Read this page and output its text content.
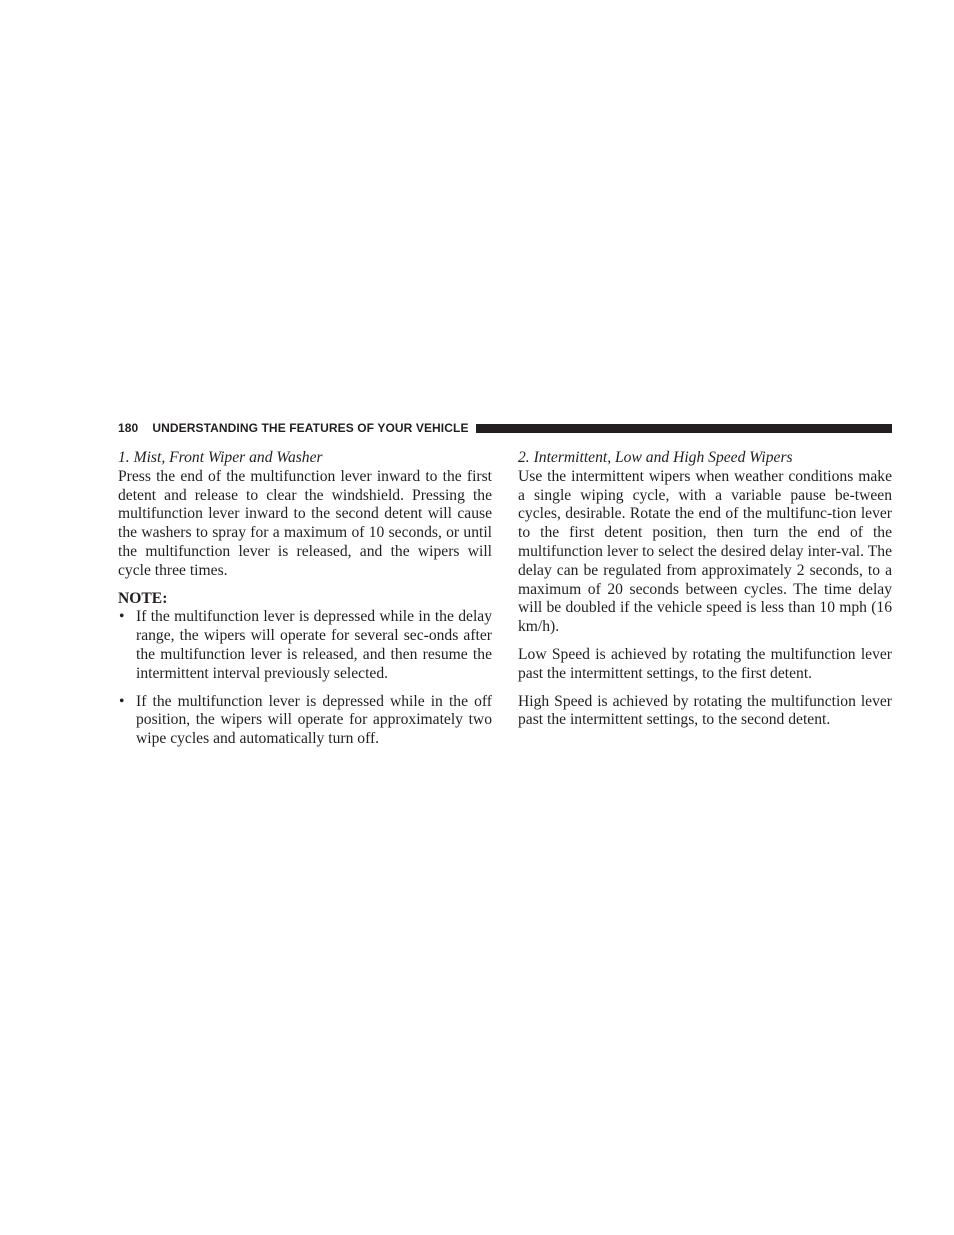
180 UNDERSTANDING THE FEATURES OF YOUR VEHICLE
1. Mist, Front Wiper and Washer

Press the end of the multifunction lever inward to the first detent and release to clear the windshield. Pressing the multifunction lever inward to the second detent will cause the washers to spray for a maximum of 10 seconds, or until the multifunction lever is released, and the wipers will cycle three times.

NOTE:
• If the multifunction lever is depressed while in the delay range, the wipers will operate for several sec-onds after the multifunction lever is released, and then resume the intermittent interval previously selected.
• If the multifunction lever is depressed while in the off position, the wipers will operate for approximately two wipe cycles and automatically turn off.
2. Intermittent, Low and High Speed Wipers

Use the intermittent wipers when weather conditions make a single wiping cycle, with a variable pause be-tween cycles, desirable. Rotate the end of the multifunc-tion lever to the first detent position, then turn the end of the multifunction lever to select the desired delay inter-val. The delay can be regulated from approximately 2 seconds, to a maximum of 20 seconds between cycles. The time delay will be doubled if the vehicle speed is less than 10 mph (16 km/h).

Low Speed is achieved by rotating the multifunction lever past the intermittent settings, to the first detent.

High Speed is achieved by rotating the multifunction lever past the intermittent settings, to the second detent.
